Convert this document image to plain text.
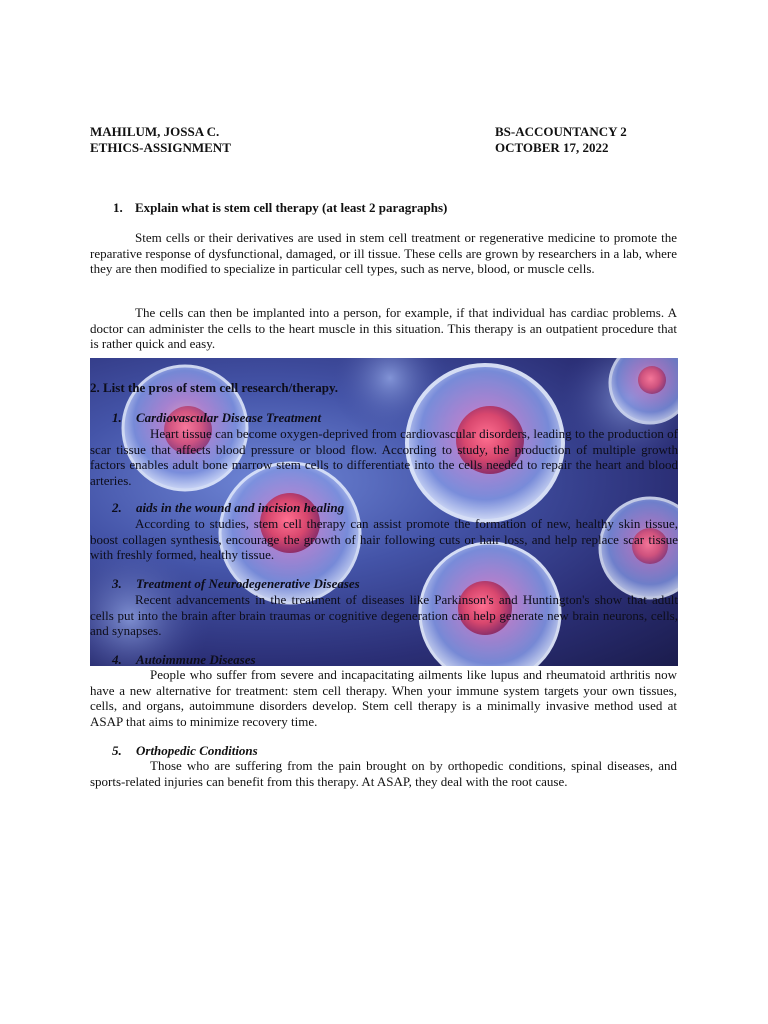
MAHILUM, JOSSA C.
ETHICS-ASSIGNMENT
BS-ACCOUNTANCY 2
OCTOBER 17, 2022
1. Explain what is stem cell therapy (at least 2 paragraphs)

Stem cells or their derivatives are used in stem cell treatment or regenerative medicine to promote the reparative response of dysfunctional, damaged, or ill tissue. These cells are grown by researchers in a lab, where they are then modified to specialize in particular cell types, such as nerve, blood, or muscle cells.

The cells can then be implanted into a person, for example, if that individual has cardiac problems. A doctor can administer the cells to the heart muscle in this situation. This therapy is an outpatient procedure that is rather quick and easy.

2. List the pros of stem cell research/therapy.
1. Cardiovascular Disease Treatment

Heart tissue can become oxygen-deprived from cardiovascular disorders, leading to the production of scar tissue that affects blood pressure or blood flow. According to study, the production of multiple growth factors enables adult bone marrow stem cells to differentiate into the cells needed to repair the heart and blood arteries.

2. aids in the wound and incision healing

According to studies, stem cell therapy can assist promote the formation of new, healthy skin tissue, boost collagen synthesis, encourage the growth of hair following cuts or hair loss, and help replace scar tissue with freshly formed, healthy tissue.

3. Treatment of Neurodegenerative Diseases

Recent advancements in the treatment of diseases like Parkinson's and Huntington's show that adult cells put into the brain after brain traumas or cognitive degeneration can help generate new brain neurons, cells, and synapses.

4. Autoimmune Diseases

People who suffer from severe and incapacitating ailments like lupus and rheumatoid arthritis now have a new alternative for treatment: stem cell therapy. When your immune system targets your own tissues, cells, and organs, autoimmune disorders develop. Stem cell therapy is a minimally invasive method used at ASAP that aims to minimize recovery time.

5. Orthopedic Conditions

Those who are suffering from the pain brought on by orthopedic conditions, spinal diseases, and sports-related injuries can benefit from this therapy. At ASAP, they deal with the root cause.
